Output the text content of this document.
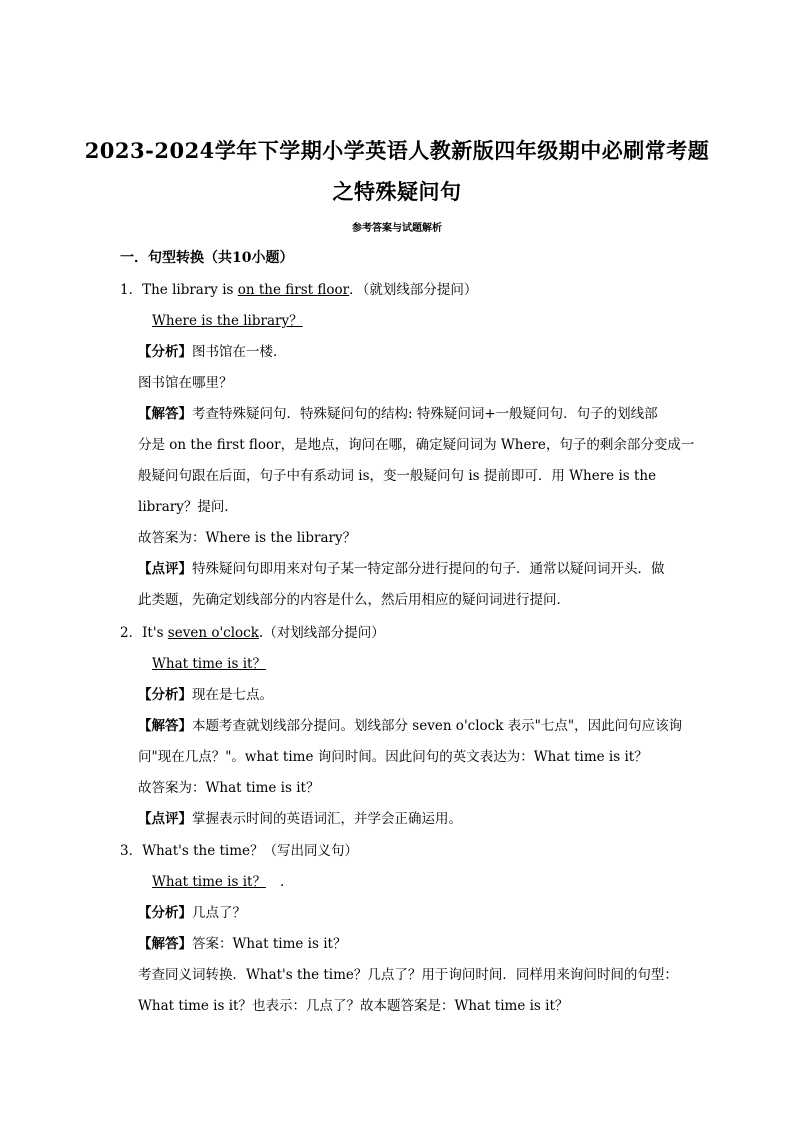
2023-2024学年下学期小学英语人教新版四年级期中必刷常考题
之特殊疑问句
参考答案与试题解析
一．句型转换（共10小题）
1．The library is on the first floor．（就划线部分提问）
Where is the library？
【分析】图书馆在一楼．
图书馆在哪里？
【解答】考查特殊疑问句．特殊疑问句的结构: 特殊疑问词+一般疑问句．句子的划线部
分是 on the first floor，是地点，询问在哪，确定疑问词为 Where，句子的剩余部分变成一
般疑问句跟在后面，句子中有系动词 is，变一般疑问句 is 提前即可．用 Where is the
library？提问．
故答案为：Where is the library？
【点评】特殊疑问句即用来对句子某一特定部分进行提问的句子．通常以疑问词开头．做
此类题，先确定划线部分的内容是什么，然后用相应的疑问词进行提问．
2．It's seven o'clock.（对划线部分提问）
What time is it？
【分析】现在是七点。
【解答】本题考查就划线部分提问。划线部分 seven o'clock 表示"七点"，因此问句应该询
问"现在几点？"。what time 询问时间。因此问句的英文表达为：What time is it？
故答案为：What time is it？
【点评】掌握表示时间的英语词汇，并学会正确运用。
3．What's the time？（写出同义句）
What time is it？ .
【分析】几点了？
【解答】答案：What time is it？
考查同义词转换．What's the time？几点了？用于询问时间．同样用来询问时间的句型：
What time is it？也表示：几点了？故本题答案是：What time is it？
